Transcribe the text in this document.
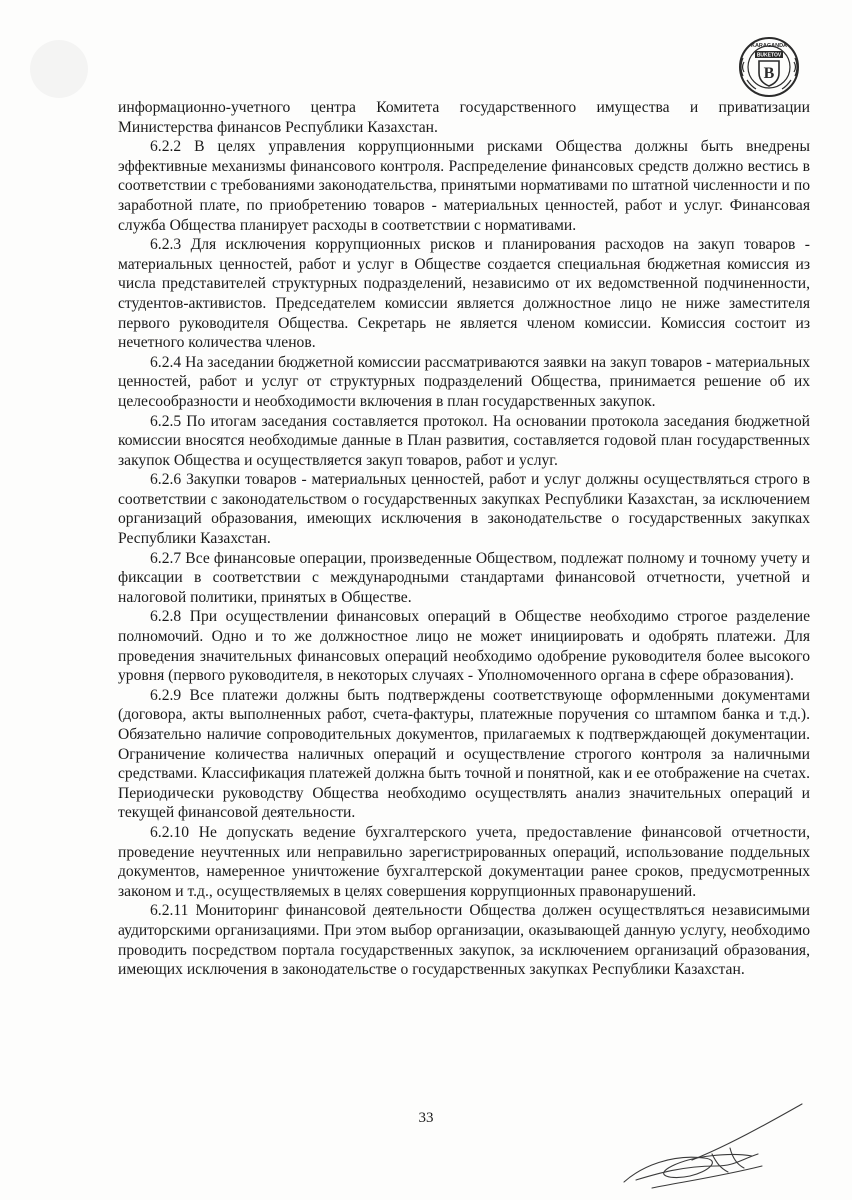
KARAGANDA
BUKETOV
B

информационно-учетного центра Комитета государственного имущества и приватизации Министерства финансов Республики Казахстан.

6.2.2 В целях управления коррупционными рисками Общества должны быть внедрены эффективные механизмы финансового контроля. Распределение финансовых средств должно вестись в соответствии с требованиями законодательства, принятыми нормативами по штатной численности и по заработной плате, по приобретению товаров - материальных ценностей, работ и услуг. Финансовая служба Общества планирует расходы в соответствии с нормативами.

6.2.3 Для исключения коррупционных рисков и планирования расходов на закуп товаров - материальных ценностей, работ и услуг в Обществе создается специальная бюджетная комиссия из числа представителей структурных подразделений, независимо от их ведомственной подчиненности, студентов-активистов. Председателем комиссии является должностное лицо не ниже заместителя первого руководителя Общества. Секретарь не является членом комиссии. Комиссия состоит из нечетного количества членов.

6.2.4 На заседании бюджетной комиссии рассматриваются заявки на закуп товаров - материальных ценностей, работ и услуг от структурных подразделений Общества, принимается решение об их целесообразности и необходимости включения в план государственных закупок.

6.2.5 По итогам заседания составляется протокол. На основании протокола заседания бюджетной комиссии вносятся необходимые данные в План развития, составляется годовой план государственных закупок Общества и осуществляется закуп товаров, работ и услуг.

6.2.6 Закупки товаров - материальных ценностей, работ и услуг должны осуществляться строго в соответствии с законодательством о государственных закупках Республики Казахстан, за исключением организаций образования, имеющих исключения в законодательстве о государственных закупках Республики Казахстан.

6.2.7 Все финансовые операции, произведенные Обществом, подлежат полному и точному учету и фиксации в соответствии с международными стандартами финансовой отчетности, учетной и налоговой политики, принятых в Обществе.

6.2.8 При осуществлении финансовых операций в Обществе необходимо строгое разделение полномочий. Одно и то же должностное лицо не может инициировать и одобрять платежи. Для проведения значительных финансовых операций необходимо одобрение руководителя более высокого уровня (первого руководителя, в некоторых случаях - Уполномоченного органа в сфере образования).

6.2.9 Все платежи должны быть подтверждены соответствующе оформленными документами (договора, акты выполненных работ, счета-фактуры, платежные поручения со штампом банка и т.д.). Обязательно наличие сопроводительных документов, прилагаемых к подтверждающей документации. Ограничение количества наличных операций и осуществление строгого контроля за наличными средствами. Классификация платежей должна быть точной и понятной, как и ее отображение на счетах. Периодически руководству Общества необходимо осуществлять анализ значительных операций и текущей финансовой деятельности.

6.2.10 Не допускать ведение бухгалтерского учета, предоставление финансовой отчетности, проведение неучтенных или неправильно зарегистрированных операций, использование поддельных документов, намеренное уничтожение бухгалтерской документации ранее сроков, предусмотренных законом и т.д., осуществляемых в целях совершения коррупционных правонарушений.

6.2.11 Мониторинг финансовой деятельности Общества должен осуществляться независимыми аудиторскими организациями. При этом выбор организации, оказывающей данную услугу, необходимо проводить посредством портала государственных закупок, за исключением организаций образования, имеющих исключения в законодательстве о государственных закупках Республики Казахстан.

33
